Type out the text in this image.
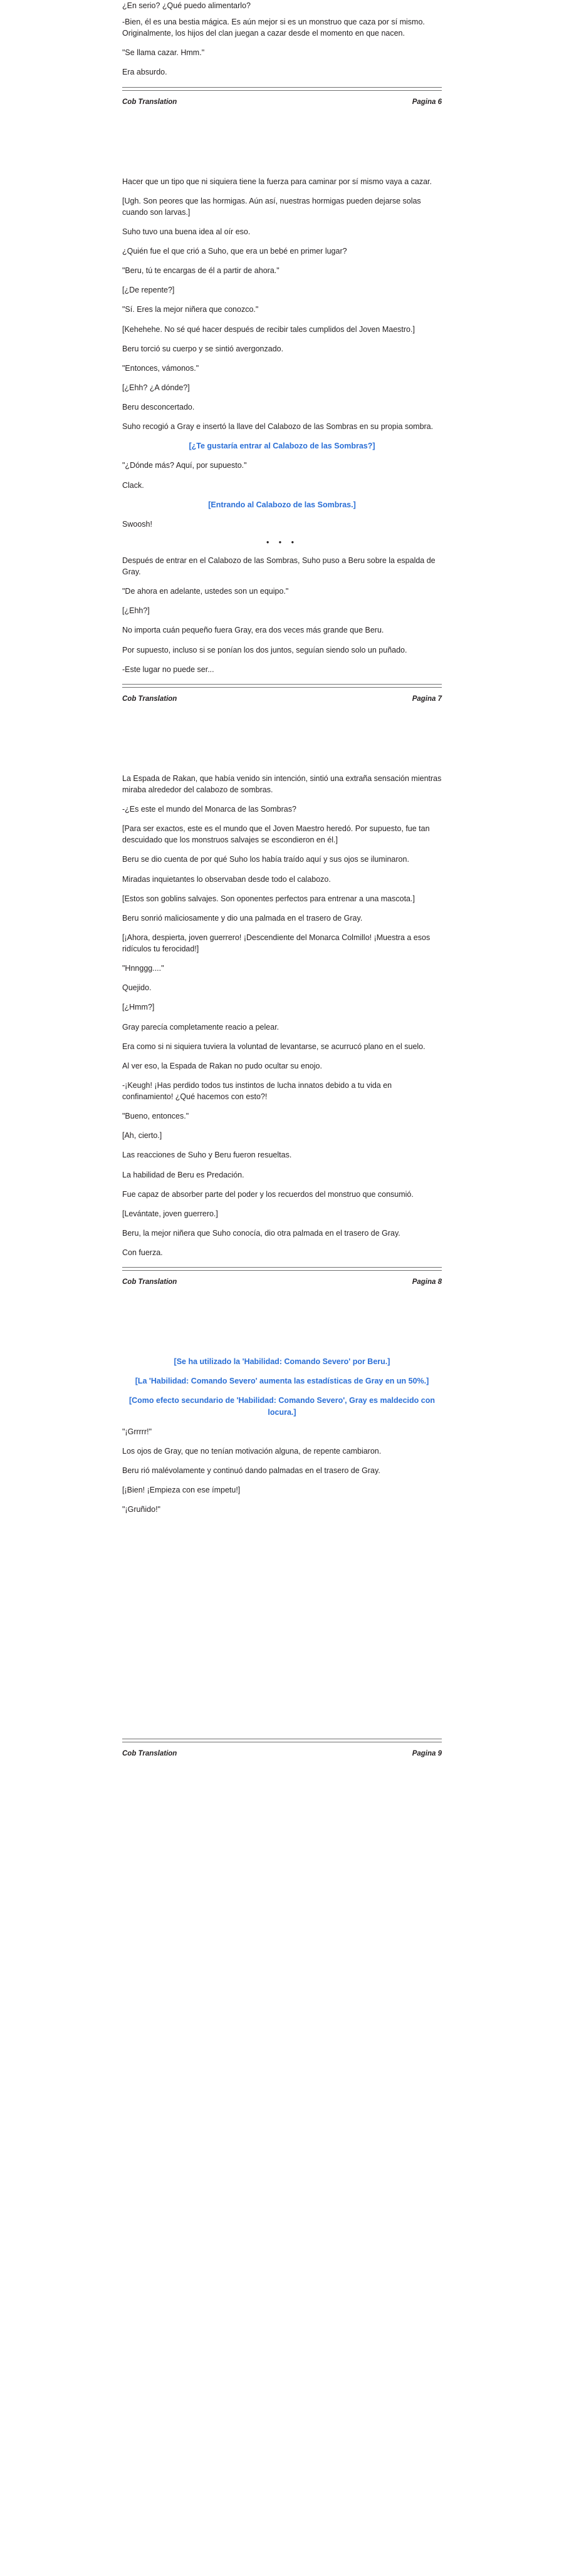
¿En serio? ¿Qué puedo alimentarlo?

-Bien, él es una bestia mágica. Es aún mejor si es un monstruo que caza por sí mismo. Originalmente, los hijos del clan juegan a cazar desde el momento en que nacen.

"Se llama cazar. Hmm."

Era absurdo.

Cob Translation	Pagina 6

Hacer que un tipo que ni siquiera tiene la fuerza para caminar por sí mismo vaya a cazar.

[Ugh. Son peores que las hormigas. Aún así, nuestras hormigas pueden dejarse solas cuando son larvas.]

Suho tuvo una buena idea al oír eso.

¿Quién fue el que crió a Suho, que era un bebé en primer lugar?

"Beru, tú te encargas de él a partir de ahora."

[¿De repente?]

"Sí. Eres la mejor niñera que conozco."

[Kehehehe. No sé qué hacer después de recibir tales cumplidos del Joven Maestro.]

Beru torció su cuerpo y se sintió avergonzado.

"Entonces, vámonos."

[¿Ehh? ¿A dónde?]

Beru desconcertado.

Suho recogió a Gray e insertó la llave del Calabozo de las Sombras en su propia sombra.

[¿Te gustaría entrar al Calabozo de las Sombras?]

"¿Dónde más? Aquí, por supuesto."

Clack.

[Entrando al Calabozo de las Sombras.]

Swoosh!

• • •

Después de entrar en el Calabozo de las Sombras, Suho puso a Beru sobre la espalda de Gray.

"De ahora en adelante, ustedes son un equipo."

[¿Ehh?]

No importa cuán pequeño fuera Gray, era dos veces más grande que Beru.

Por supuesto, incluso si se ponían los dos juntos, seguían siendo solo un puñado.

-Este lugar no puede ser...

Cob Translation	Pagina 7

La Espada de Rakan, que había venido sin intención, sintió una extraña sensación mientras miraba alrededor del calabozo de sombras.

-¿Es este el mundo del Monarca de las Sombras?

[Para ser exactos, este es el mundo que el Joven Maestro heredó. Por supuesto, fue tan descuidado que los monstruos salvajes se escondieron en él.]

Beru se dio cuenta de por qué Suho los había traído aquí y sus ojos se iluminaron.

Miradas inquietantes lo observaban desde todo el calabozo.

[Estos son goblins salvajes. Son oponentes perfectos para entrenar a una mascota.]

Beru sonrió maliciosamente y dio una palmada en el trasero de Gray.

[¡Ahora, despierta, joven guerrero! ¡Descendiente del Monarca Colmillo! ¡Muestra a esos ridículos tu ferocidad!]

"Hnnggg...."

Quejido.

[¿Hmm?]

Gray parecía completamente reacio a pelear.

Era como si ni siquiera tuviera la voluntad de levantarse, se acurrucó plano en el suelo.

Al ver eso, la Espada de Rakan no pudo ocultar su enojo.

-¡Keugh! ¡Has perdido todos tus instintos de lucha innatos debido a tu vida en confinamiento! ¿Qué hacemos con esto?!

"Bueno, entonces."

[Ah, cierto.]

Las reacciones de Suho y Beru fueron resueltas.

La habilidad de Beru es Predación.

Fue capaz de absorber parte del poder y los recuerdos del monstruo que consumió.

[Levántate, joven guerrero.]

Beru, la mejor niñera que Suho conocía, dio otra palmada en el trasero de Gray.

Con fuerza.

Cob Translation	Pagina 8

[Se ha utilizado la 'Habilidad: Comando Severo' por Beru.]

[La 'Habilidad: Comando Severo' aumenta las estadísticas de Gray en un 50%.]

[Como efecto secundario de 'Habilidad: Comando Severo', Gray es maldecido con locura.]

"¡Grrrrr!"

Los ojos de Gray, que no tenían motivación alguna, de repente cambiaron.

Beru rió malévolamente y continuó dando palmadas en el trasero de Gray.

[¡Bien! ¡Empieza con ese ímpetu!]

"¡Gruñido!"

Cob Translation	Pagina 9
